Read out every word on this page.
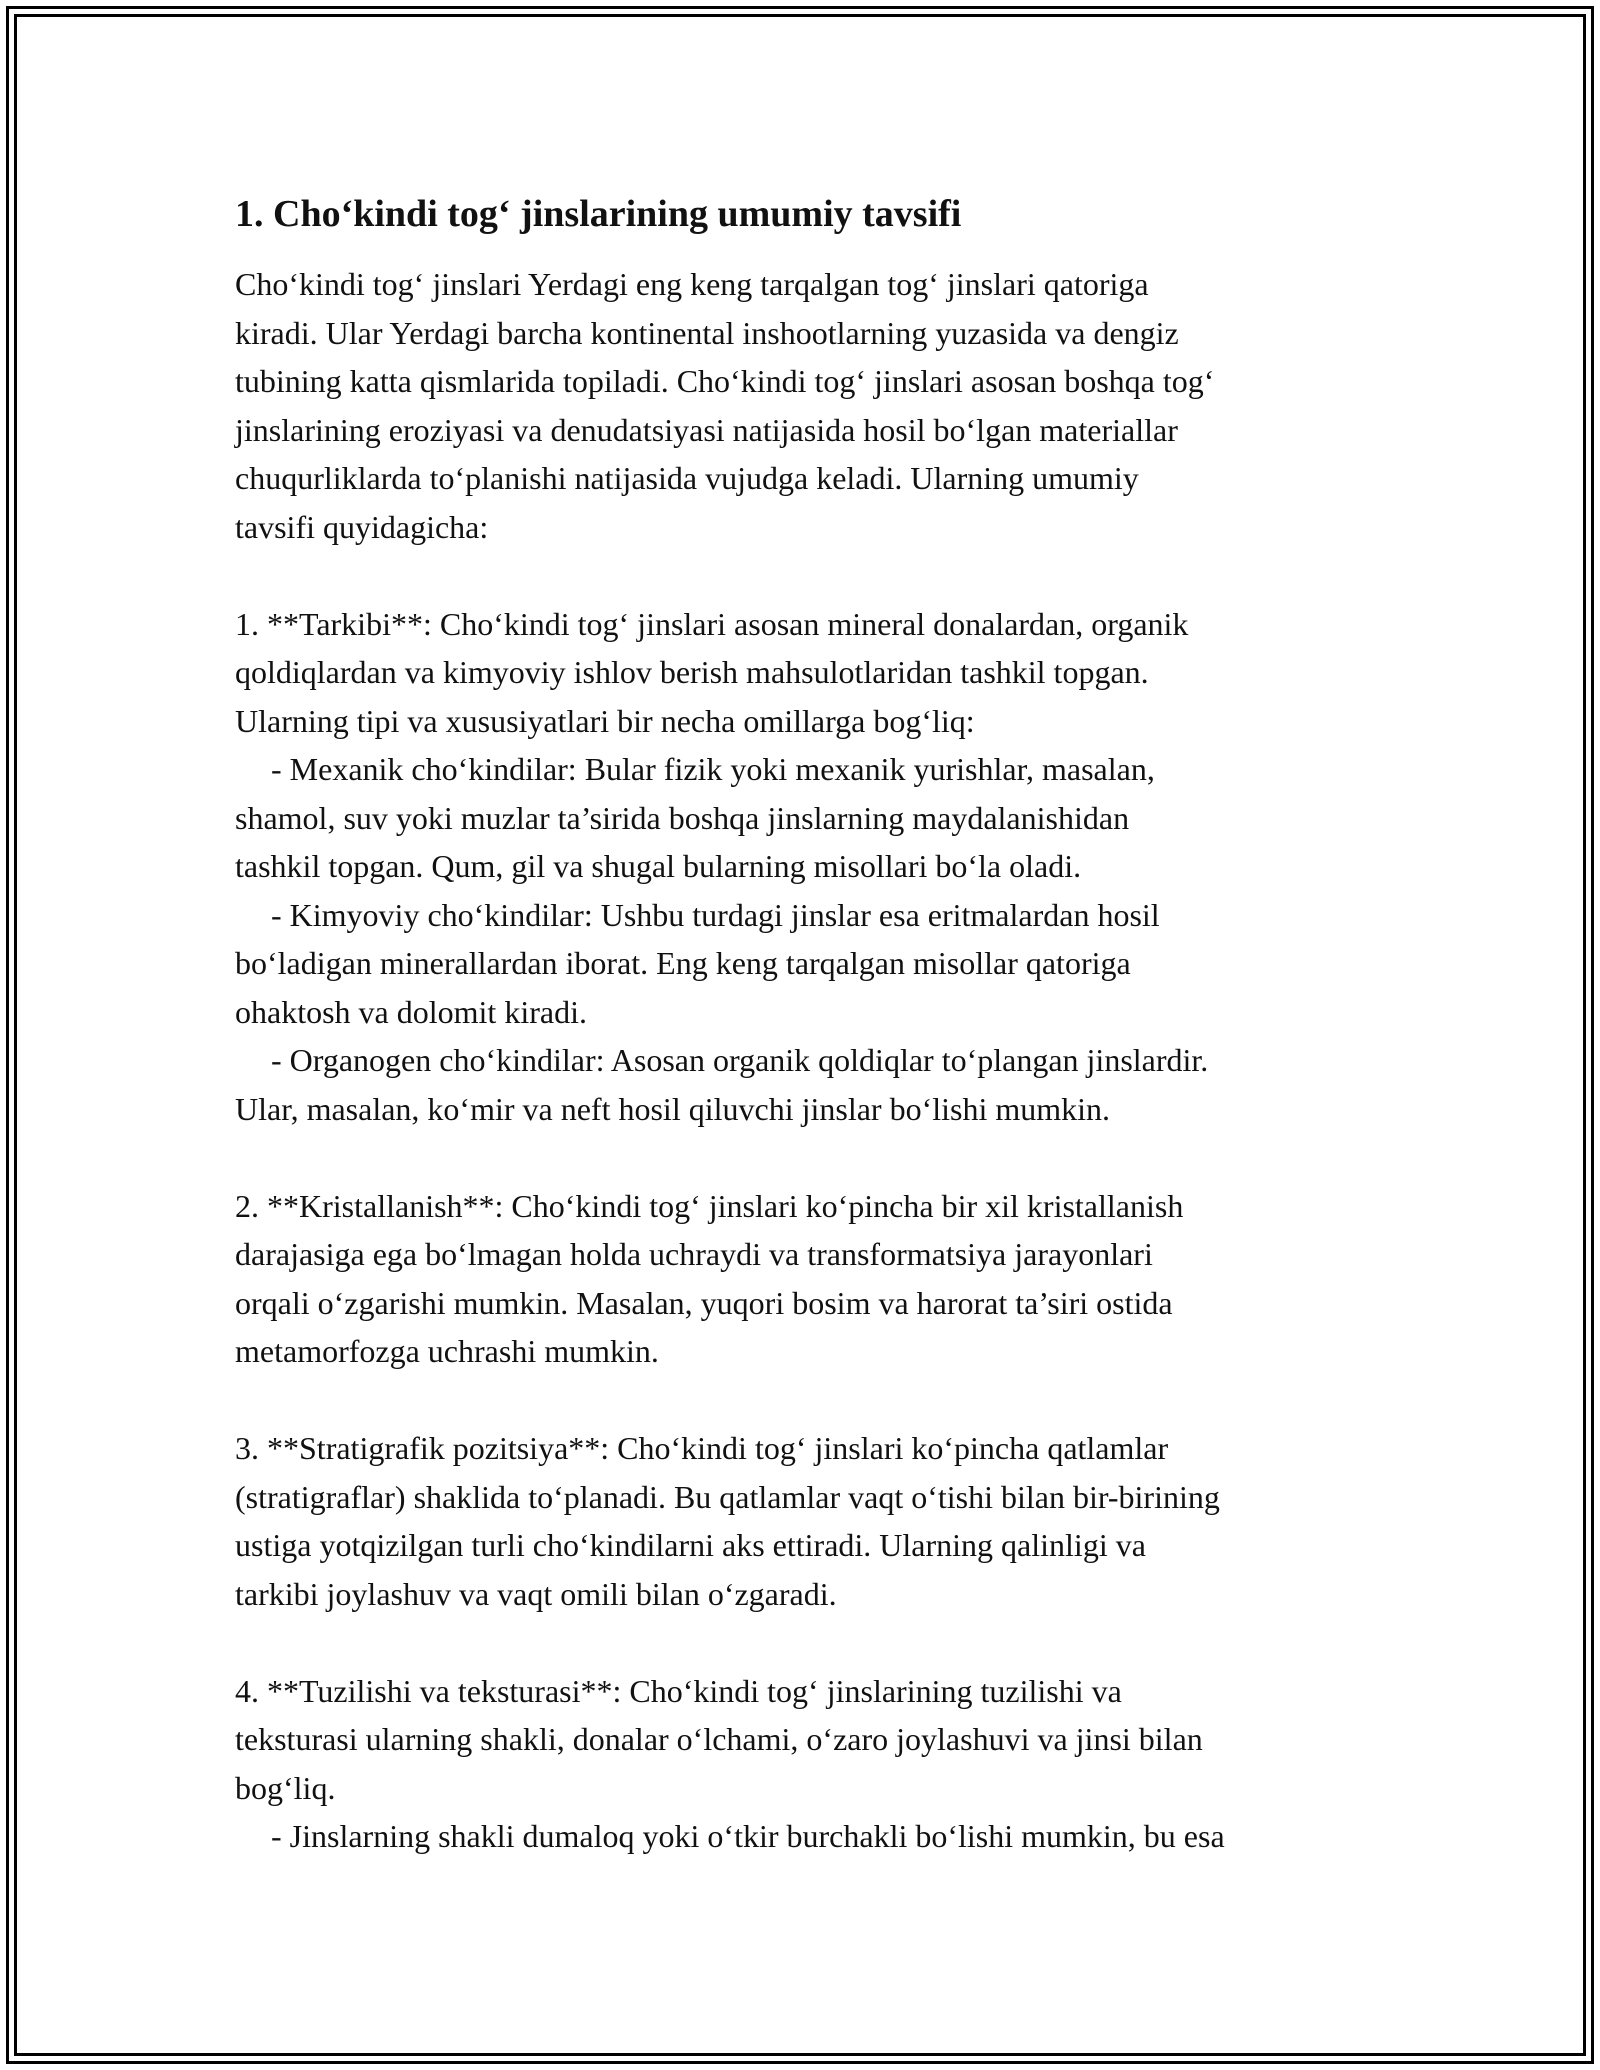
1. Cho‘kindi tog‘ jinslarining umumiy tavsifi
Cho‘kindi tog‘ jinslari Yerdagi eng keng tarqalgan tog‘ jinslari qatoriga
kiradi. Ular Yerdagi barcha kontinental inshootlarning yuzasida va dengiz
tubining katta qismlarida topiladi. Cho‘kindi tog‘ jinslari asosan boshqa tog‘
jinslarining eroziyasi va denudatsiyasi natijasida hosil bo‘lgan materiallar
chuqurliklarda to‘planishi natijasida vujudga keladi. Ularning umumiy
tavsifi quyidagicha:
1. **Tarkibi**: Cho‘kindi tog‘ jinslari asosan mineral donalardan, organik
qoldiqlardan va kimyoviy ishlov berish mahsulotlaridan tashkil topgan.
Ularning tipi va xususiyatlari bir necha omillarga bog‘liq:
- Mexanik cho‘kindilar: Bular fizik yoki mexanik yurishlar, masalan,
shamol, suv yoki muzlar ta’sirida boshqa jinslarning maydalanishidan
tashkil topgan. Qum, gil va shugal bularning misollari bo‘la oladi.
- Kimyoviy cho‘kindilar: Ushbu turdagi jinslar esa eritmalardan hosil
bo‘ladigan minerallardan iborat. Eng keng tarqalgan misollar qatoriga
ohaktosh va dolomit kiradi.
- Organogen cho‘kindilar: Asosan organik qoldiqlar to‘plangan jinslardir.
Ular, masalan, ko‘mir va neft hosil qiluvchi jinslar bo‘lishi mumkin.
2. **Kristallanish**: Cho‘kindi tog‘ jinslari ko‘pincha bir xil kristallanish
darajasiga ega bo‘lmagan holda uchraydi va transformatsiya jarayonlari
orqali o‘zgarishi mumkin. Masalan, yuqori bosim va harorat ta’siri ostida
metamorfozga uchrashi mumkin.
3. **Stratigrafik pozitsiya**: Cho‘kindi tog‘ jinslari ko‘pincha qatlamlar
(stratigraflar) shaklida to‘planadi. Bu qatlamlar vaqt o‘tishi bilan bir-birining
ustiga yotqizilgan turli cho‘kindilarni aks ettiradi. Ularning qalinligi va
tarkibi joylashuv va vaqt omili bilan o‘zgaradi.
4. **Tuzilishi va teksturasi**: Cho‘kindi tog‘ jinslarining tuzilishi va
teksturasi ularning shakli, donalar o‘lchami, o‘zaro joylashuvi va jinsi bilan
bog‘liq.
- Jinslarning shakli dumaloq yoki o‘tkir burchakli bo‘lishi mumkin, bu esa
